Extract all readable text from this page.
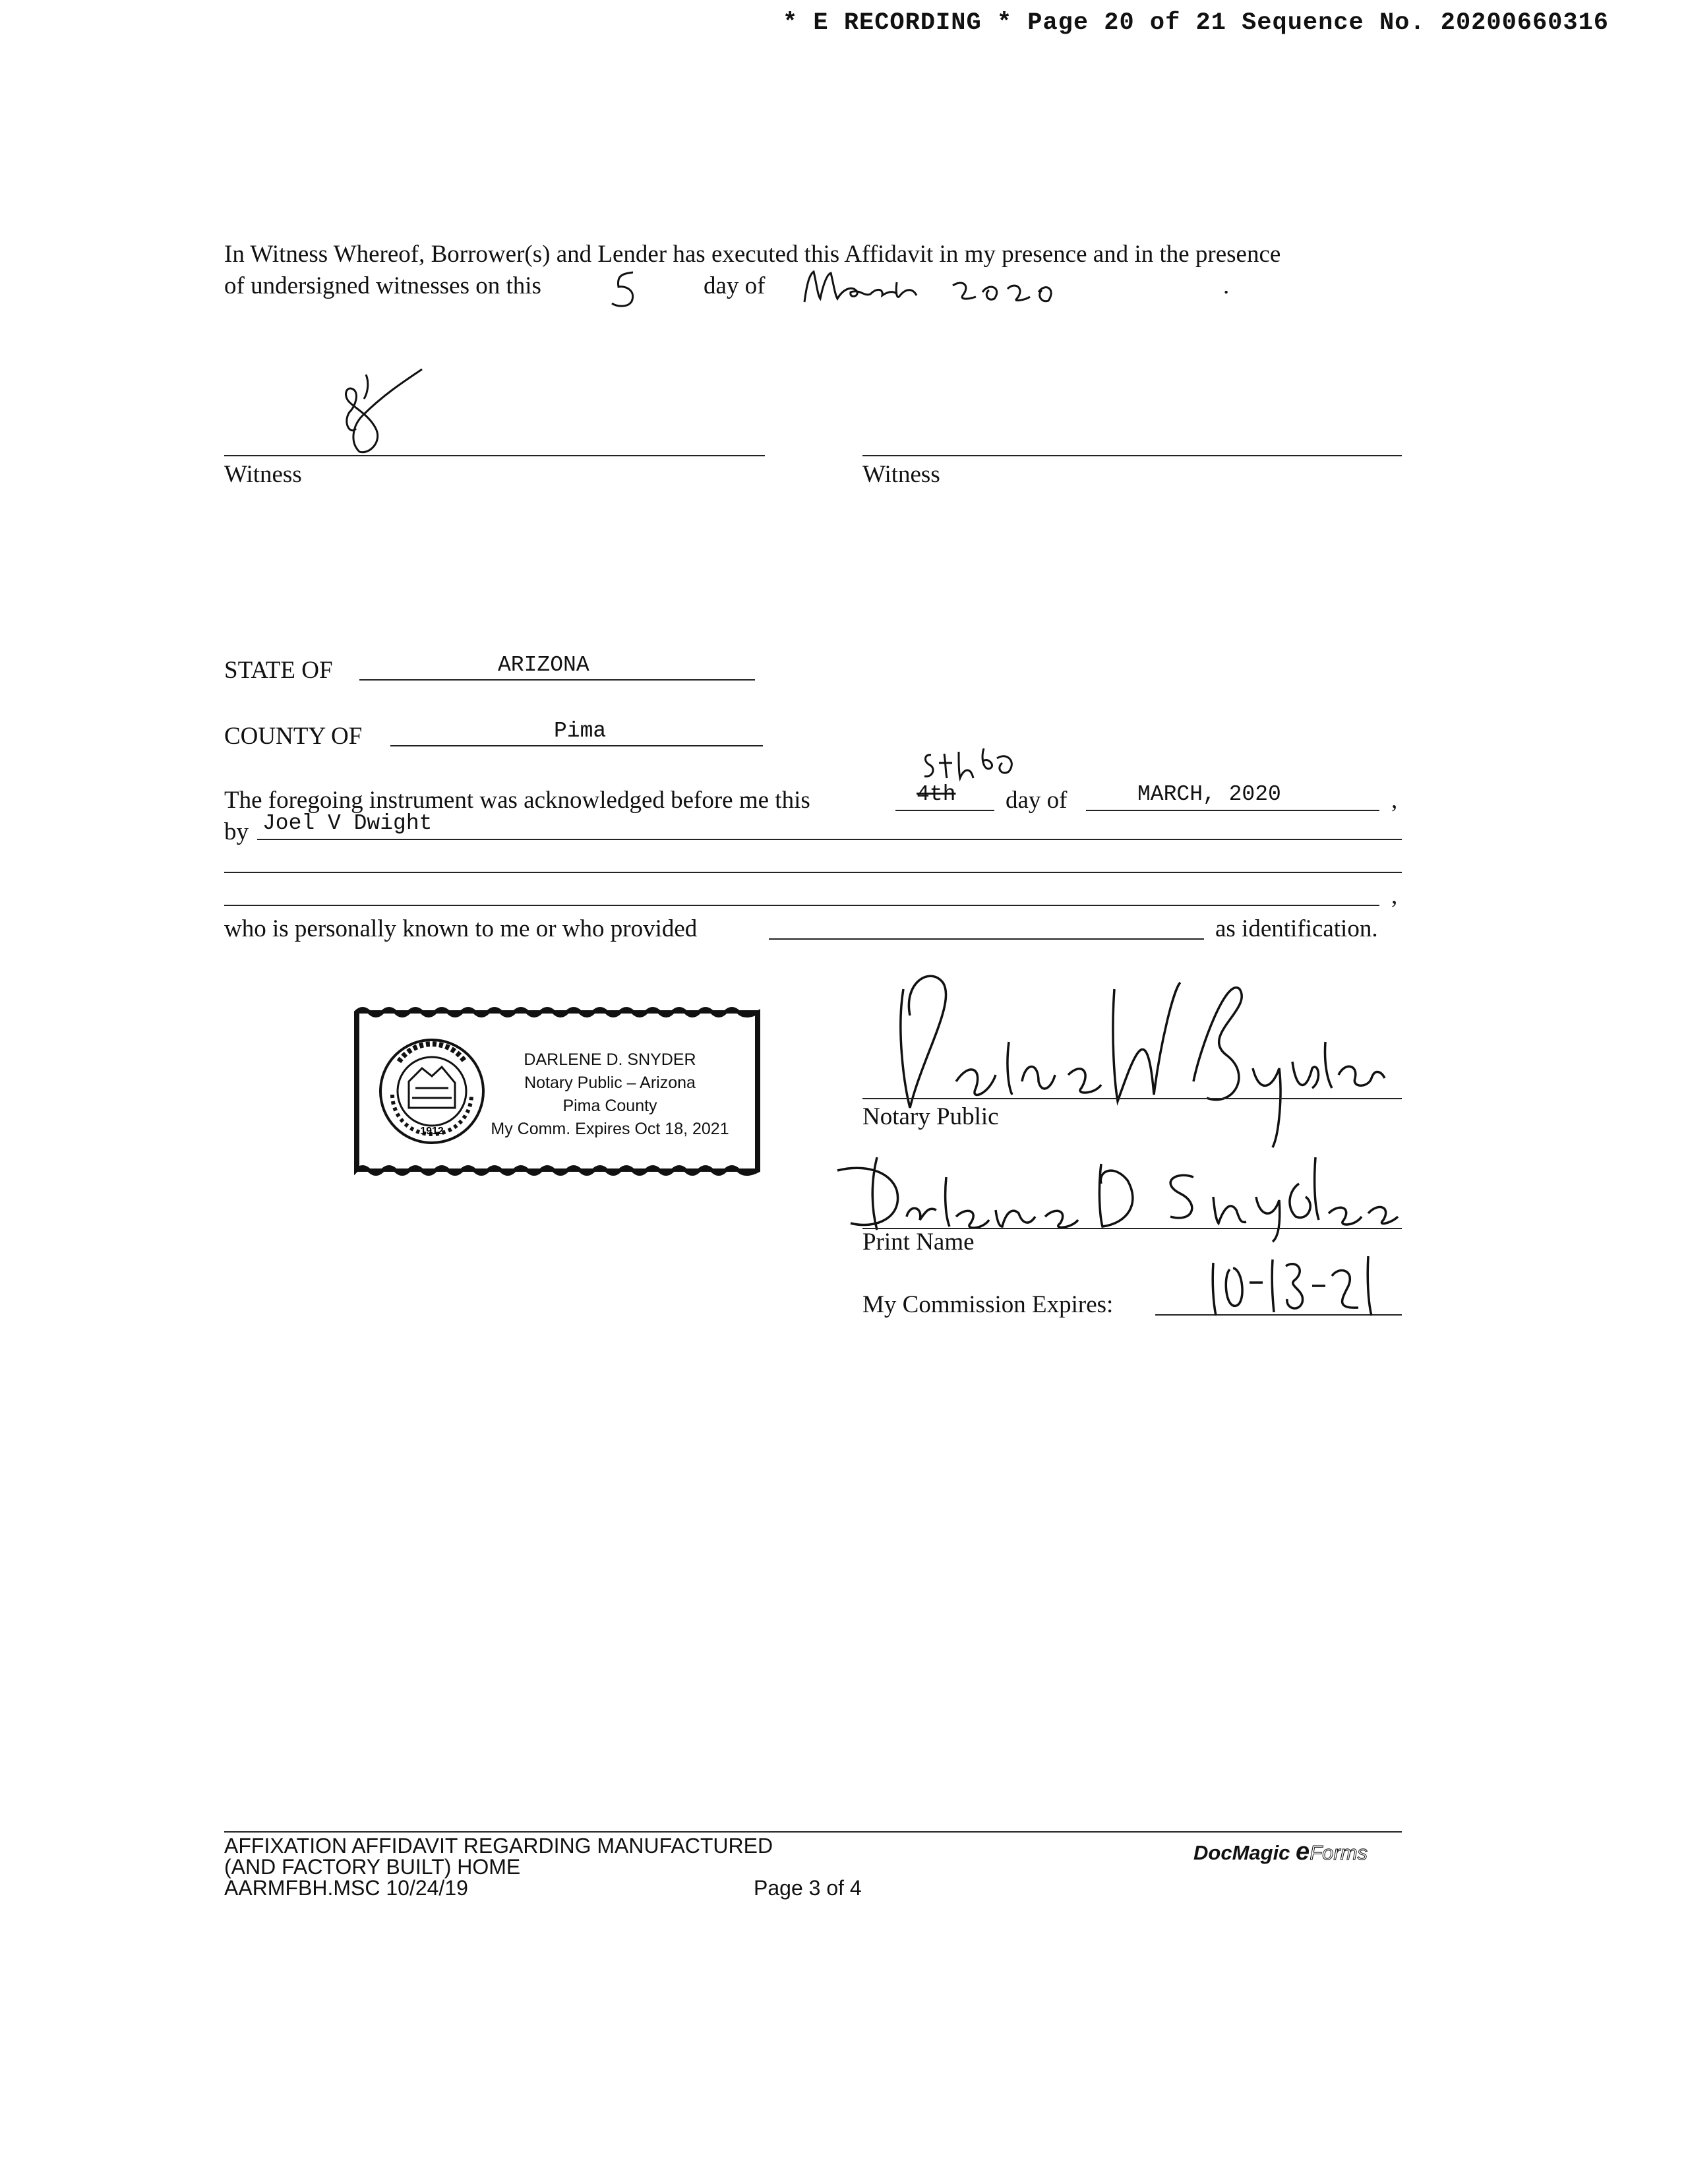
* E RECORDING * Page 20 of 21 Sequence No. 20200660316
In Witness Whereof, Borrower(s) and Lender has executed this Affidavit in my presence and in the presence
of undersigned witnesses on this	day of	.
Witness	Witness
STATE OF	ARIZONA
COUNTY OF	Pima
The foregoing instrument was acknowledged before me this	4th day of	MARCH, 2020	,
by Joel V Dwight
,
who is personally known to me or who provided	as identification.
1912
DARLENE D. SNYDER
Notary Public – Arizona
Pima County
My Comm. Expires Oct 18, 2021	Notary Public
Print Name
My Commission Expires:
AFFIXATION AFFIDAVIT REGARDING MANUFACTURED
(AND FACTORY BUILT) HOME
AARMFBH.MSC 10/24/19	Page 3 of 4
DocMagic eForms
